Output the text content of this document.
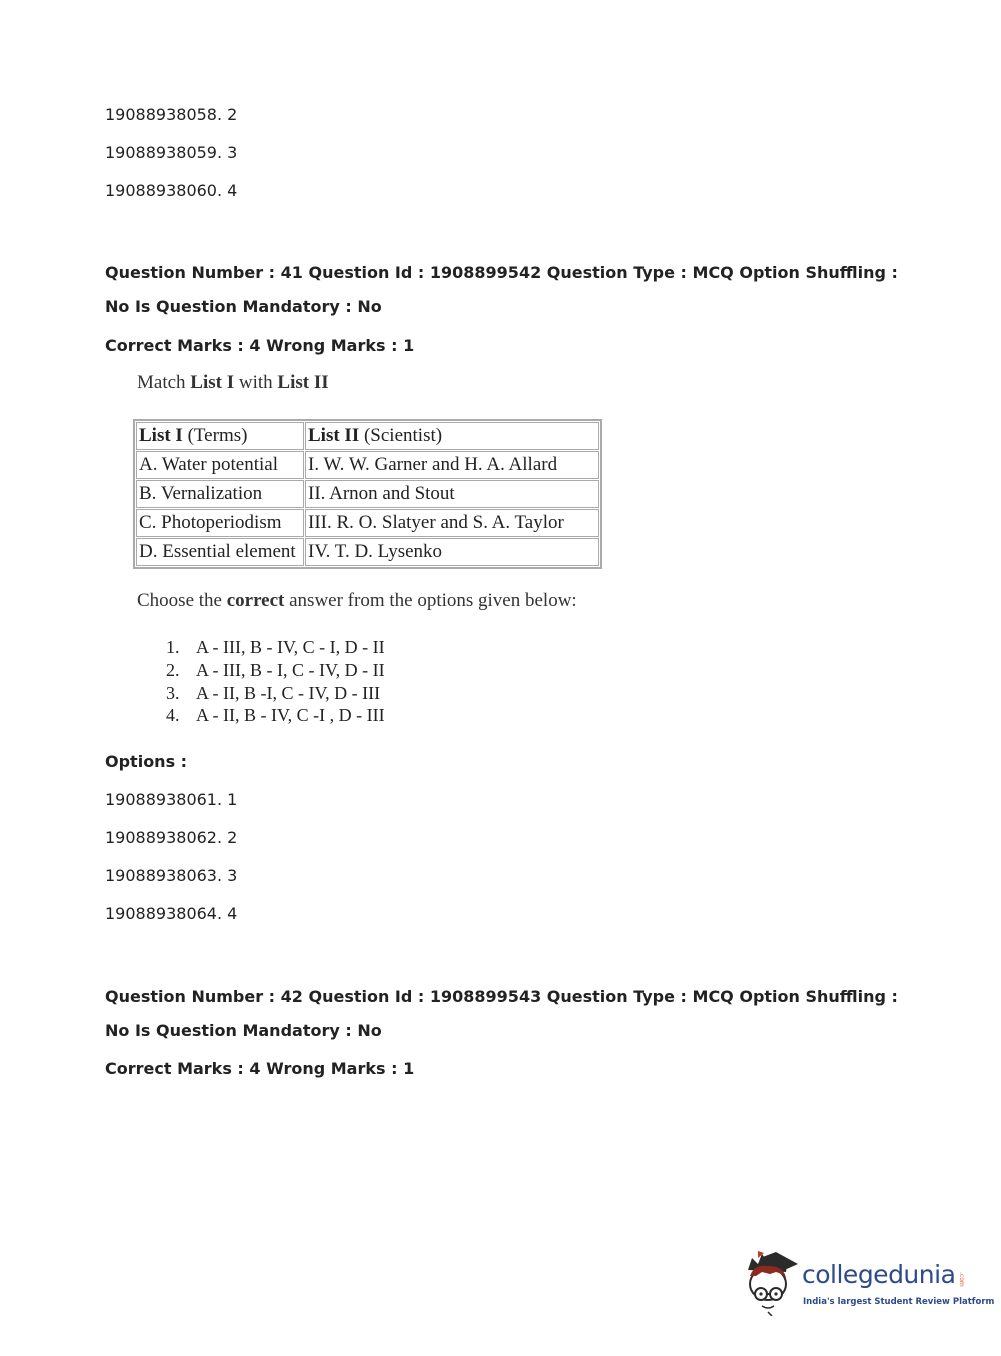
19088938058. 2
19088938059. 3
19088938060. 4
Question Number : 41 Question Id : 1908899542 Question Type : MCQ Option Shuffling : No Is Question Mandatory : No
Correct Marks : 4 Wrong Marks : 1
Match List I with List II
List I (Terms)	List II (Scientist)
A. Water potential	I. W. W. Garner and H. A. Allard
B. Vernalization	II. Arnon and Stout
C. Photoperiodism	III. R. O. Slatyer and S. A. Taylor
D. Essential element	IV. T. D. Lysenko
Choose the correct answer from the options given below:
1. A - III, B - IV, C - I, D - II
2. A - III, B - I, C - IV, D - II
3. A - II, B -I, C - IV, D - III
4. A - II, B - IV, C -I , D - III
Options :
19088938061. 1
19088938062. 2
19088938063. 3
19088938064. 4
Question Number : 42 Question Id : 1908899543 Question Type : MCQ Option Shuffling : No Is Question Mandatory : No
Correct Marks : 4 Wrong Marks : 1
collegedunia .com
India's largest Student Review Platform
